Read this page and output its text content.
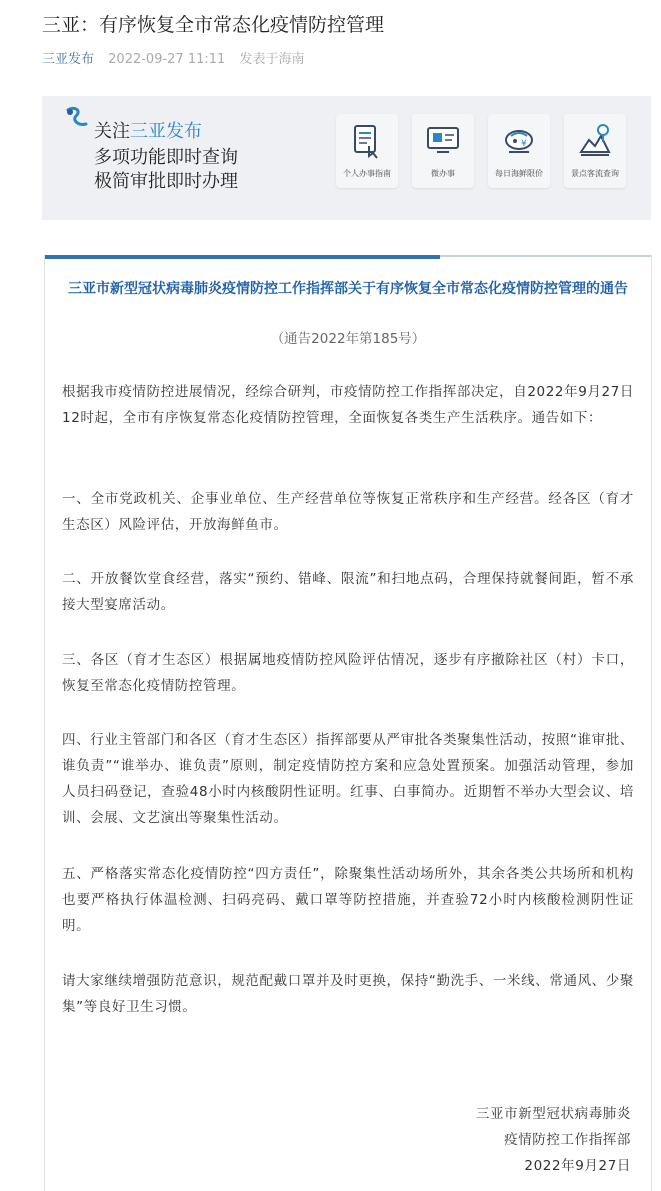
三亚：有序恢复全市常态化疫情防控管理
三亚发布 2022-09-27 11:11 发表于海南
关注三亚发布
多项功能即时查询
极简审批即时办理	个人办事指南	微办事
¥
每日海鲜限价	景点客流查询
三亚市新型冠状病毒肺炎疫情防控工作指挥部关于有序恢复全市常态化疫情防控管理的通告
（通告2022年第185号）

根据我市疫情防控进展情况，经综合研判，市疫情防控工作指挥部决定，自2022年9月27日12时起，全市有序恢复常态化疫情防控管理，全面恢复各类生产生活秩序。通告如下：

一、全市党政机关、企事业单位、生产经营单位等恢复正常秩序和生产经营。经各区（育才生态区）风险评估，开放海鲜鱼市。

二、开放餐饮堂食经营，落实“预约、错峰、限流”和扫地点码，合理保持就餐间距，暂不承接大型宴席活动。

三、各区（育才生态区）根据属地疫情防控风险评估情况，逐步有序撤除社区（村）卡口，恢复至常态化疫情防控管理。

四、行业主管部门和各区（育才生态区）指挥部要从严审批各类聚集性活动，按照“谁审批、谁负责”“谁举办、谁负责”原则，制定疫情防控方案和应急处置预案。加强活动管理，参加人员扫码登记，查验48小时内核酸阴性证明。红事、白事简办。近期暂不举办大型会议、培训、会展、文艺演出等聚集性活动。

五、严格落实常态化疫情防控“四方责任”，除聚集性活动场所外，其余各类公共场所和机构也要严格执行体温检测、扫码亮码、戴口罩等防控措施，并查验72小时内核酸检测阴性证明。

请大家继续增强防范意识，规范配戴口罩并及时更换，保持“勤洗手、一米线、常通风、少聚集”等良好卫生习惯。

三亚市新型冠状病毒肺炎
疫情防控工作指挥部
2022年9月27日
